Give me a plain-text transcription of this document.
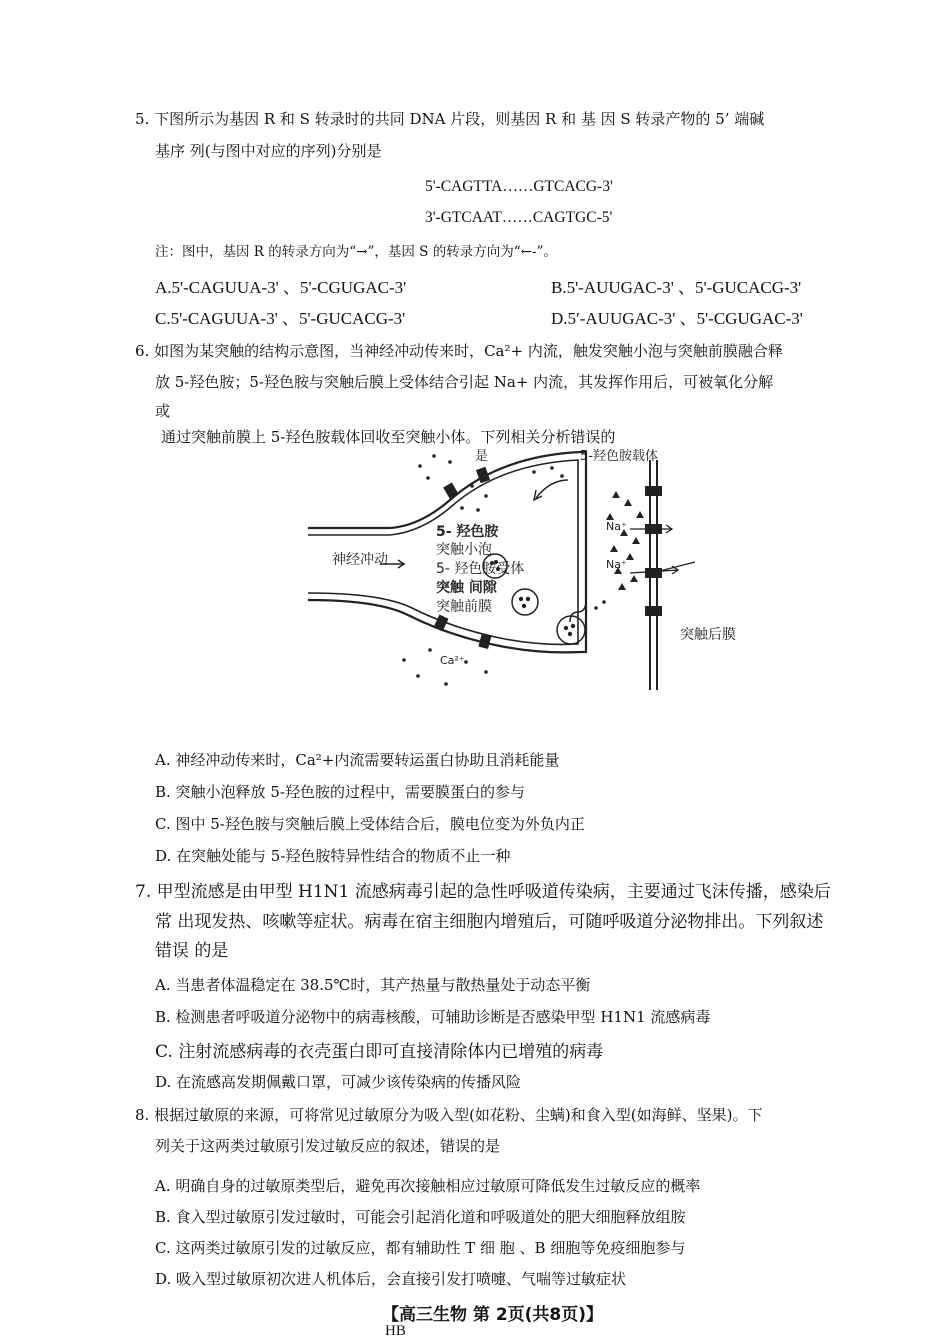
5. 下图所示为基因 R 和 S 转录时的共同 DNA 片段，则基因 R 和 基 因 S 转录产物的 5’ 端碱
基序 列(与图中对应的序列)分别是
5'-CAGTTA……GTCACG-3'
3'-GTCAAT……CAGTGC-5'
注：图中，基因 R 的转录方向为“→”，基因 S 的转录方向为“←-”。
A.5'-CAGUUA-3' 、5'-CGUGAC-3'	B.5'-AUUGAC-3' 、5'-GUCACG-3'
C.5'-CAGUUA-3' 、5'-GUCACG-3'	D.5′-AUUGAC-3' 、5'-CGUGAC-3'
6. 如图为某突触的结构示意图，当神经冲动传来时，Ca²+ 内流，触发突触小泡与突触前膜融合释
放 5-羟色胺；5-羟色胺与突触后膜上受体结合引起 Na+ 内流，其发挥作用后，可被氧化分解
或
通过突触前膜上 5-羟色胺载体回收至突触小体。下列相关分析错误的
是	5-羟色胺载体
5- 羟色胺
突触小泡
5- 羟色胺受体
突触 间隙
突触前膜
神经冲动
突触后膜
Na⁺
Na⁺
Ca²⁺
A. 神经冲动传来时，Ca²+内流需要转运蛋白协助且消耗能量
B. 突触小泡释放 5-羟色胺的过程中，需要膜蛋白的参与
C. 图中 5-羟色胺与突触后膜上受体结合后，膜电位变为外负内正
D. 在突触处能与 5-羟色胺特异性结合的物质不止一种
7. 甲型流感是由甲型 H1N1 流感病毒引起的急性呼吸道传染病，主要通过飞沫传播，感染后
常 出现发热、咳嗽等症状。病毒在宿主细胞内增殖后，可随呼吸道分泌物排出。下列叙述
错误 的是
A. 当患者体温稳定在 38.5℃时，其产热量与散热量处于动态平衡
B. 检测患者呼吸道分泌物中的病毒核酸，可辅助诊断是否感染甲型 H1N1 流感病毒
C. 注射流感病毒的衣壳蛋白即可直接清除体内已增殖的病毒
D. 在流感高发期佩戴口罩，可减少该传染病的传播风险
8. 根据过敏原的来源，可将常见过敏原分为吸入型(如花粉、尘螨)和食入型(如海鲜、坚果)。下
列关于这两类过敏原引发过敏反应的叙述，错误的是
A. 明确自身的过敏原类型后，避免再次接触相应过敏原可降低发生过敏反应的概率
B. 食入型过敏原引发过敏时，可能会引起消化道和呼吸道处的肥大细胞释放组胺
C. 这两类过敏原引发的过敏反应，都有辅助性 T 细 胞 、B 细胞等免疫细胞参与
D. 吸入型过敏原初次进人机体后，会直接引发打喷嚏、气喘等过敏症状
【高三生物 第 2页(共8页)】
HB
